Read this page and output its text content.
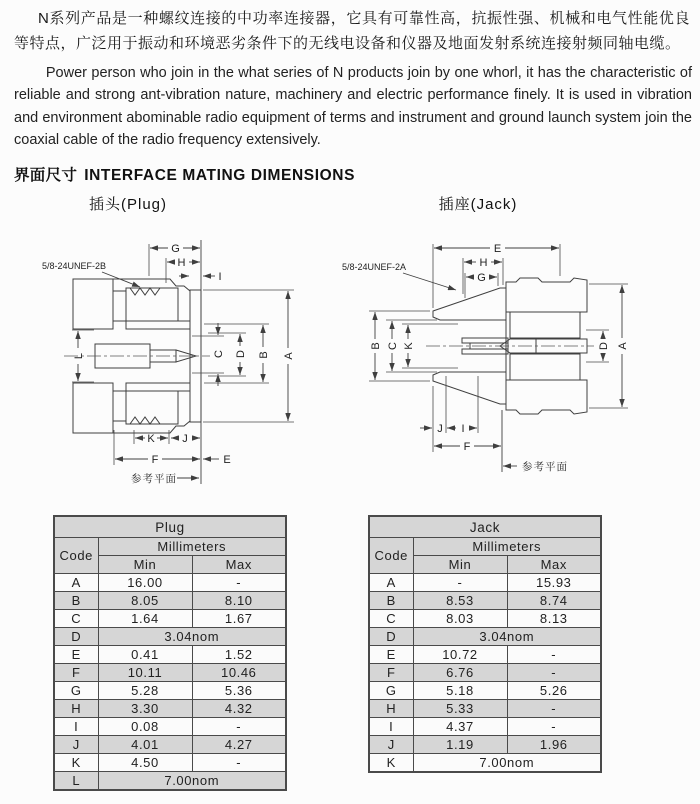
N系列产品是一种螺纹连接的中功率连接器，它具有可靠性高，抗振性强、机械和电气性能优良等特点，广泛用于振动和环境恶劣条件下的无线电设备和仪器及地面发射系统连接射频同轴电缆。
Power person who join in the what series of N products join by one whorl, it has the characteristic of reliable and strong ant-vibration nature, machinery and electric performance finely. It is used in vibration and environment abominable radio equipment of terms and instrument and ground launch system join the coaxial cable of the radio frequency extensively.
界面尺寸 INTERFACE MATING DIMENSIONS
插头(Plug)	插座(Jack)
G
H
I
5/8-24UNEF-2B
L	C D B A
K	J
F	E
参考平面
E
H
G
5/8-24UNEF-2A
B C K	D A
J I
F
参考平面
Plug		
Code	Millimeters	
	Min	Max
A	16.00	-
B	8.05	8.10
C	1.64	1.67
D	3.04nom	
E	0.41	1.52
F	10.11	10.46
G	5.28	5.36
H	3.30	4.32
I	0.08	-
J	4.01	4.27
K	4.50	-
L	7.00nom	
Jack		
Code	Millimeters	
	Min	Max
A	-	15.93
B	8.53	8.74
C	8.03	8.13
D	3.04nom	
E	10.72	-
F	6.76	-
G	5.18	5.26
H	5.33	-
I	4.37	-
J	1.19	1.96
K	7.00nom	
